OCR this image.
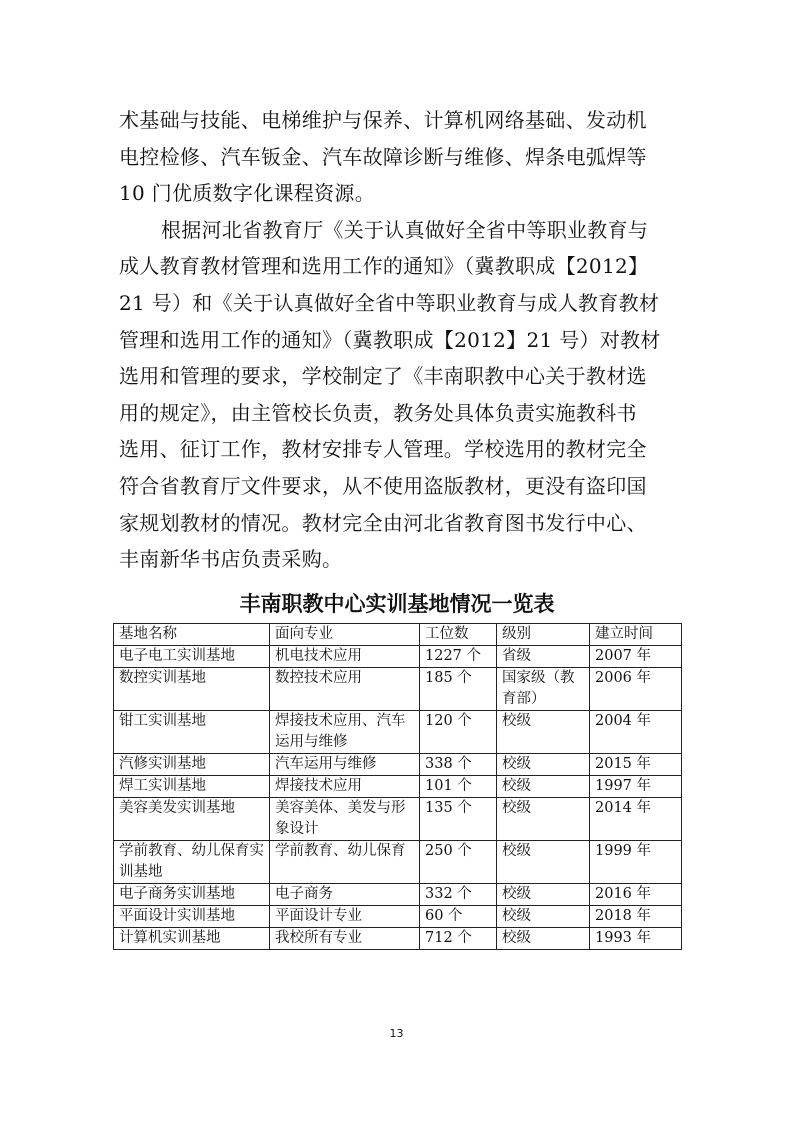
术基础与技能、电梯维护与保养、计算机网络基础、发动机
电控检修、汽车钣金、汽车故障诊断与维修、焊条电弧焊等
10 门优质数字化课程资源。
根据河北省教育厅《关于认真做好全省中等职业教育与
成人教育教材管理和选用工作的通知》（冀教职成【2012】
21 号）和《关于认真做好全省中等职业教育与成人教育教材
管理和选用工作的通知》（冀教职成【2012】21 号）对教材
选用和管理的要求，学校制定了《丰南职教中心关于教材选
用的规定》，由主管校长负责，教务处具体负责实施教科书
选用、征订工作，教材安排专人管理。学校选用的教材完全
符合省教育厅文件要求，从不使用盗版教材，更没有盗印国
家规划教材的情况。教材完全由河北省教育图书发行中心、
丰南新华书店负责采购。
丰南职教中心实训基地情况一览表
基地名称	面向专业	工位数	级别	建立时间
电子电工实训基地	机电技术应用	1227 个	省级	2007 年
数控实训基地	数控技术应用	185 个	国家级（教育部）	2006 年
钳工实训基地	焊接技术应用、汽车运用与维修	120 个	校级	2004 年
汽修实训基地	汽车运用与维修	338 个	校级	2015 年
焊工实训基地	焊接技术应用	101 个	校级	1997 年
美容美发实训基地	美容美体、美发与形象设计	135 个	校级	2014 年
学前教育、幼儿保育实训基地	学前教育、幼儿保育	250 个	校级	1999 年
电子商务实训基地	电子商务	332 个	校级	2016 年
平面设计实训基地	平面设计专业	60 个	校级	2018 年
计算机实训基地	我校所有专业	712 个	校级	1993 年
13
